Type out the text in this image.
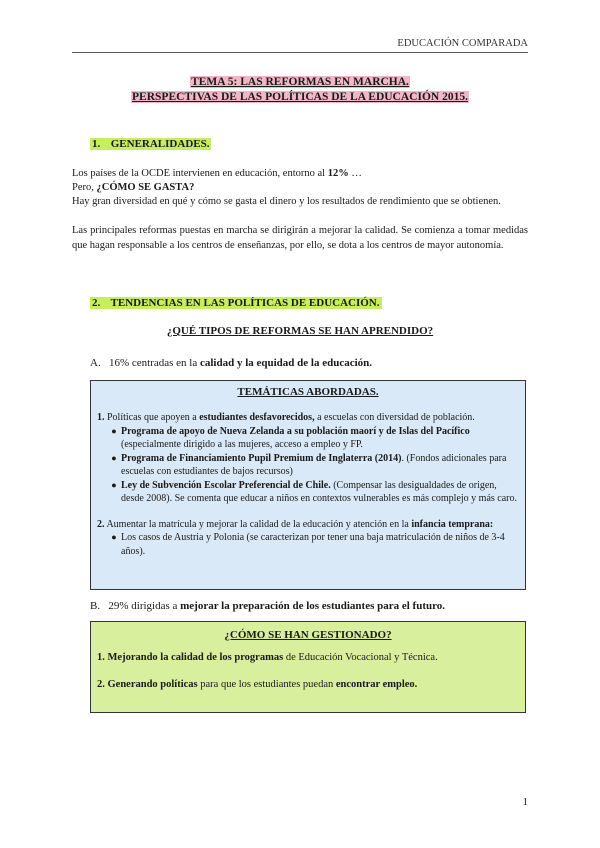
EDUCACIÓN COMPARADA
TEMA 5: LAS REFORMAS EN MARCHA.
PERSPECTIVAS DE LAS POLÍTICAS DE LA EDUCACIÓN 2015.
1. GENERALIDADES.
Los países de la OCDE intervienen en educación, entorno al 12% …
Pero, ¿CÓMO SE GASTA?
Hay gran diversidad en qué y cómo se gasta el dinero y los resultados de rendimiento que se obtienen.
Las principales reformas puestas en marcha se dirigirán a mejorar la calidad. Se comienza a tomar medidas que hagan responsable a los centros de enseñanzas, por ello, se dota a los centros de mayor autonomía.
2. TENDENCIAS EN LAS POLÍTICAS DE EDUCACIÓN.
¿QUÉ TIPOS DE REFORMAS SE HAN APRENDIDO?
A. 16% centradas en la calidad y la equidad de la educación.
TEMÁTICAS ABORDADAS.
1. Políticas que apoyen a estudiantes desfavorecidos, a escuelas con diversidad de población.
● Programa de apoyo de Nueva Zelanda a su población maorí y de Islas del Pacífico (especialmente dirigido a las mujeres, acceso a empleo y FP.
● Programa de Financiamiento Pupil Premium de Inglaterra (2014). (Fondos adicionales para escuelas con estudiantes de bajos recursos)
● Ley de Subvención Escolar Preferencial de Chile. (Compensar las desigualdades de origen, desde 2008). Se comenta que educar a niños en contextos vulnerables es más complejo y más caro.
2. Aumentar la matrícula y mejorar la calidad de la educación y atención en la infancia temprana:
● Los casos de Austria y Polonia (se caracterizan por tener una baja matriculación de niños de 3-4 años).
B. 29% dirigidas a mejorar la preparación de los estudiantes para el futuro.
¿CÓMO SE HAN GESTIONADO?
1. Mejorando la calidad de los programas de Educación Vocacional y Técnica.
2. Generando políticas para que los estudiantes puedan encontrar empleo.
1
